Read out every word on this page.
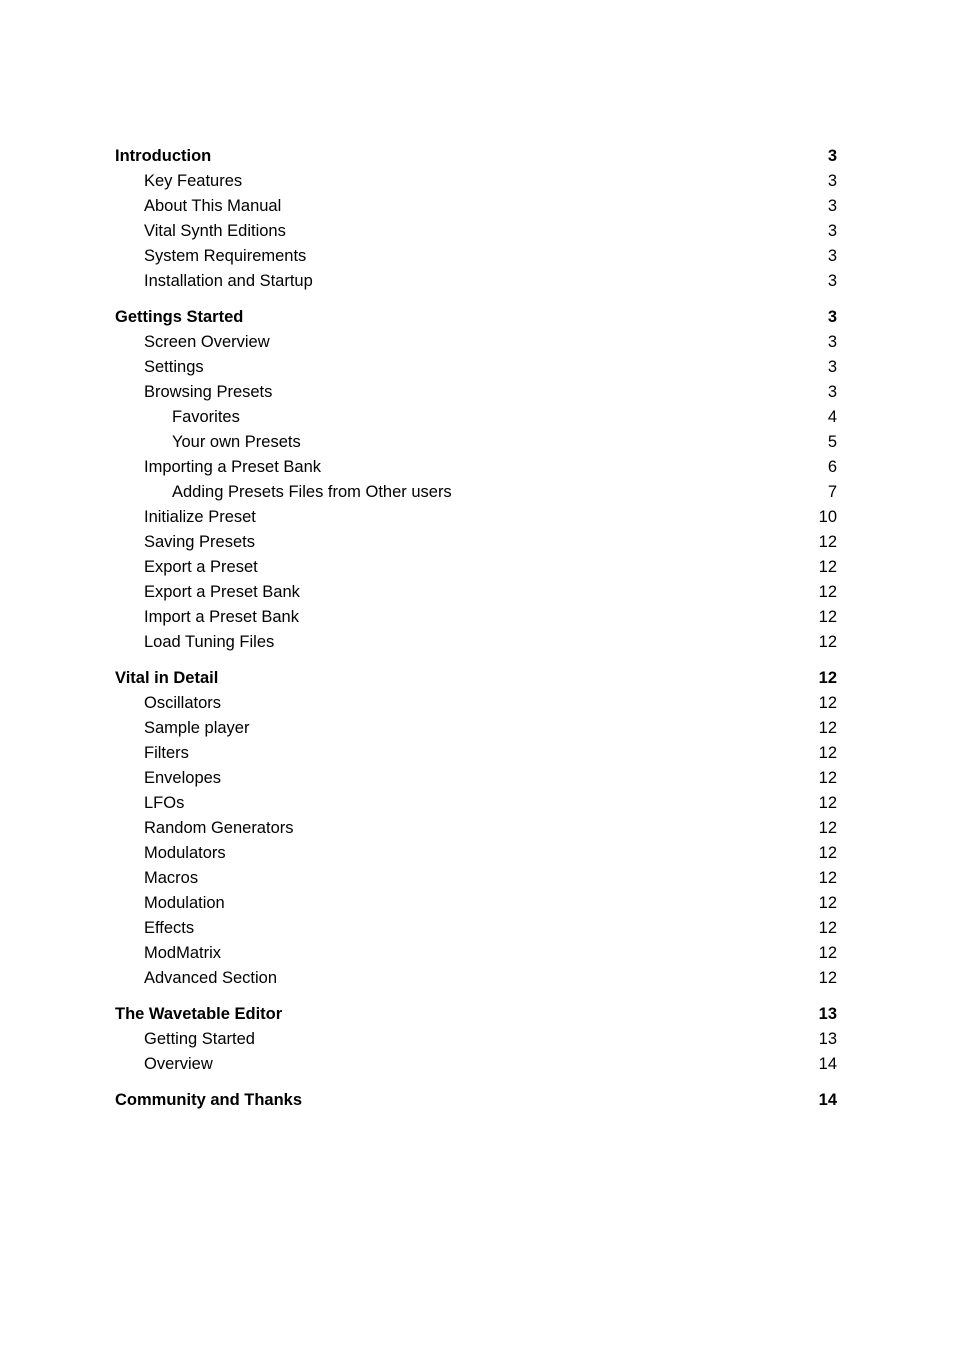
Introduction	3
Key Features	3
About This Manual	3
Vital Synth Editions	3
System Requirements	3
Installation and Startup	3
Gettings Started	3
Screen Overview	3
Settings	3
Browsing Presets	3
Favorites	4
Your own Presets	5
Importing a Preset Bank	6
Adding Presets Files from Other users	7
Initialize Preset	10
Saving Presets	12
Export a Preset	12
Export a Preset Bank	12
Import a Preset Bank	12
Load Tuning Files	12
Vital in Detail	12
Oscillators	12
Sample player	12
Filters	12
Envelopes	12
LFOs	12
Random Generators	12
Modulators	12
Macros	12
Modulation	12
Effects	12
ModMatrix	12
Advanced Section	12
The Wavetable Editor	13
Getting Started	13
Overview	14
Community and Thanks	14
